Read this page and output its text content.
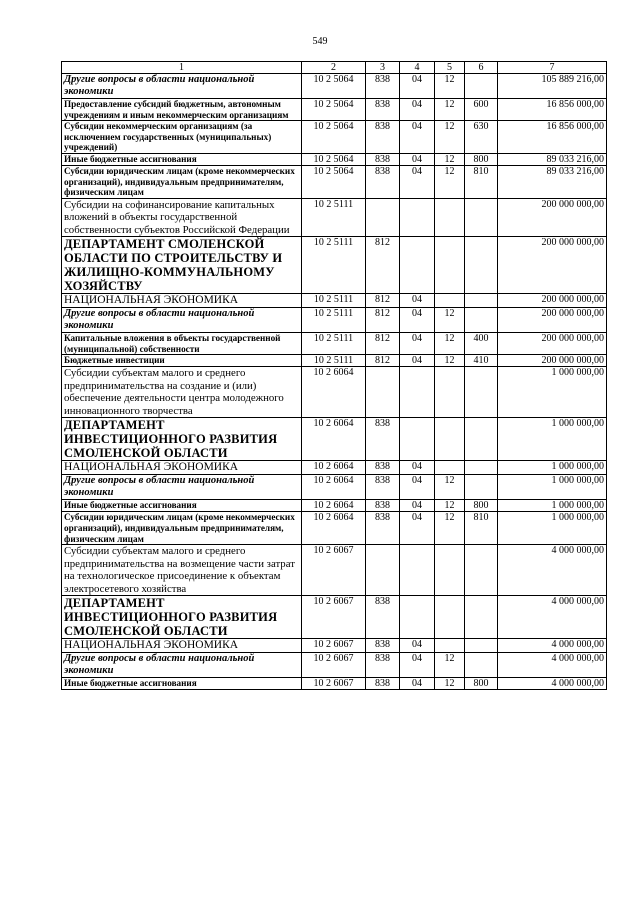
549
1	2	3	4	5	6	7
Другие вопросы в области национальной экономики	10 2 5064	838	04	12		105 889 216,00
Предоставление субсидий бюджетным, автономным учреждениям и иным некоммерческим организациям	10 2 5064	838	04	12	600	16 856 000,00
Субсидии некоммерческим организациям (за исключением государственных (муниципальных) учреждений)	10 2 5064	838	04	12	630	16 856 000,00
Иные бюджетные ассигнования	10 2 5064	838	04	12	800	89 033 216,00
Субсидии юридическим лицам (кроме некоммерческих организаций), индивидуальным предпринимателям, физическим лицам	10 2 5064	838	04	12	810	89 033 216,00
Субсидии на софинансирование капитальных вложений в объекты государственной собственности субъектов Российской Федерации	10 2 5111					200 000 000,00
ДЕПАРТАМЕНТ СМОЛЕНСКОЙ ОБЛАСТИ ПО СТРОИТЕЛЬСТВУ И ЖИЛИЩНО-КОММУНАЛЬНОМУ ХОЗЯЙСТВУ	10 2 5111	812				200 000 000,00
НАЦИОНАЛЬНАЯ ЭКОНОМИКА	10 2 5111	812	04			200 000 000,00
Другие вопросы в области национальной экономики	10 2 5111	812	04	12		200 000 000,00
Капитальные вложения в объекты государственной (муниципальной) собственности	10 2 5111	812	04	12	400	200 000 000,00
Бюджетные инвестиции	10 2 5111	812	04	12	410	200 000 000,00
Субсидии субъектам малого и среднего предпринимательства на создание и (или) обеспечение деятельности центра молодежного инновационного творчества	10 2 6064					1 000 000,00
ДЕПАРТАМЕНТ ИНВЕСТИЦИОННОГО РАЗВИТИЯ СМОЛЕНСКОЙ ОБЛАСТИ	10 2 6064	838				1 000 000,00
НАЦИОНАЛЬНАЯ ЭКОНОМИКА	10 2 6064	838	04			1 000 000,00
Другие вопросы в области национальной экономики	10 2 6064	838	04	12		1 000 000,00
Иные бюджетные ассигнования	10 2 6064	838	04	12	800	1 000 000,00
Субсидии юридическим лицам (кроме некоммерческих организаций), индивидуальным предпринимателям, физическим лицам	10 2 6064	838	04	12	810	1 000 000,00
Субсидии субъектам малого и среднего предпринимательства на возмещение части затрат на технологическое присоединение к объектам электросетевого хозяйства	10 2 6067					4 000 000,00
ДЕПАРТАМЕНТ ИНВЕСТИЦИОННОГО РАЗВИТИЯ СМОЛЕНСКОЙ ОБЛАСТИ	10 2 6067	838				4 000 000,00
НАЦИОНАЛЬНАЯ ЭКОНОМИКА	10 2 6067	838	04			4 000 000,00
Другие вопросы в области национальной экономики	10 2 6067	838	04	12		4 000 000,00
Иные бюджетные ассигнования	10 2 6067	838	04	12	800	4 000 000,00
